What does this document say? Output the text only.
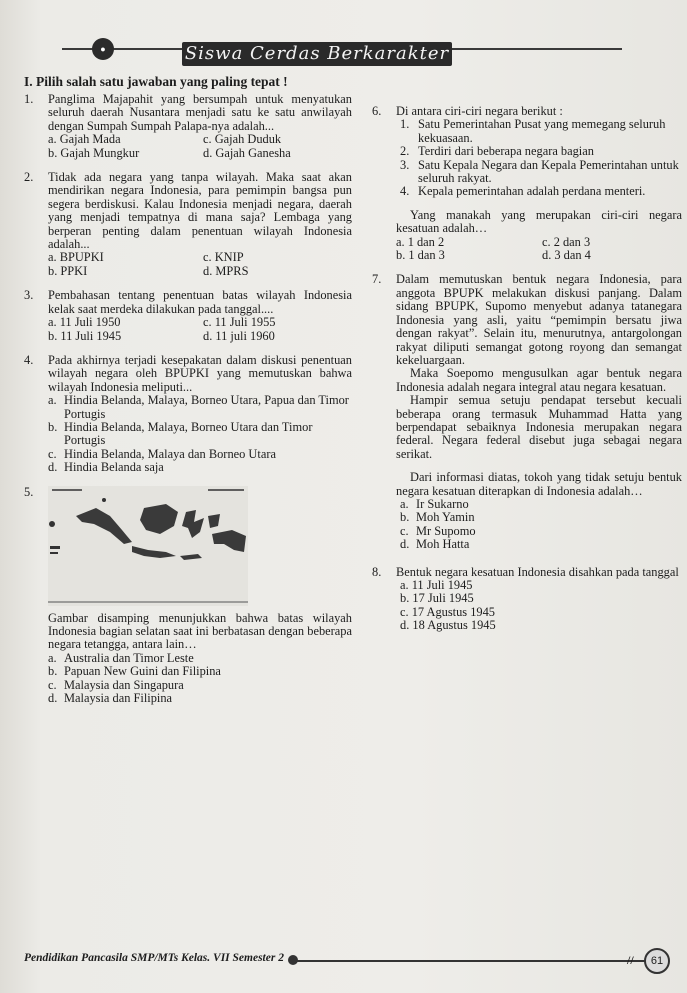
●	Siswa Cerdas Berkarakter
I. Pilih salah satu jawaban yang paling tepat !
1.	Panglima Majapahit yang bersumpah untuk menyatukan seluruh daerah Nusantara menjadi satu ke satu anwilayah dengan Sumpah Sumpah Palapa-nya adalah...
a. Gajah Mada	c. Gajah Duduk
b. Gajah Mungkur	d. Gajah Ganesha
2.	Tidak ada negara yang tanpa wilayah. Maka saat akan mendirikan negara Indonesia, para pemimpin bangsa pun segera berdiskusi. Kalau Indonesia menjadi negara, daerah yang menjadi tempatnya di mana saja? Lembaga yang berperan penting dalam penentuan wilayah Indonesia adalah...
a. BPUPKI	c. KNIP
b. PPKI	d. MPRS
3.	Pembahasan tentang penentuan batas wilayah Indonesia kelak saat merdeka dilakukan pada tanggal....
a. 11 Juli 1950	c. 11 Juli 1955
b. 11 Juli 1945	d. 11 juli 1960
4.	Pada akhirnya terjadi kesepakatan dalam diskusi penentuan wilayah negara oleh BPUPKI yang memutuskan bahwa wilayah Indonesia meliputi...
a. Hindia Belanda, Malaya, Borneo Utara, Papua dan Timor Portugis
b. Hindia Belanda, Malaya, Borneo Utara dan Timor Portugis
c. Hindia Belanda, Malaya dan Borneo Utara
d. Hindia Belanda saja
5.
Gambar disamping menunjukkan bahwa batas wilayah Indonesia bagian selatan saat ini berbatasan dengan beberapa negara tetangga, antara lain…
a. Australia dan Timor Leste
b. Papuan New Guini dan Filipina
c. Malaysia dan Singapura
d. Malaysia dan Filipina
6.	Di antara ciri-ciri negara berikut :
1. Satu Pemerintahan Pusat yang memegang seluruh kekuasaan.
2. Terdiri dari beberapa negara bagian
3. Satu Kepala Negara dan Kepala Pemerintahan untuk seluruh rakyat.
4. Kepala pemerintahan adalah perdana menteri.
Yang manakah yang merupakan ciri-ciri negara kesatuan adalah…
a. 1 dan 2	c. 2 dan 3
b. 1 dan 3	d. 3 dan 4
7.	Dalam memutuskan bentuk negara Indonesia, para anggota BPUPK melakukan diskusi panjang. Dalam sidang BPUPK, Supomo menyebut adanya tatanegara Indonesia yang asli, yaitu “pemimpin bersatu jiwa dengan rakyat”. Selain itu, menurutnya, antargolongan rakyat diliputi semangat gotong royong dan semangat kekeluargaan.
Maka Soepomo mengusulkan agar bentuk negara Indonesia adalah negara integral atau negara kesatuan.
Hampir semua setuju pendapat tersebut kecuali beberapa orang termasuk Muhammad Hatta yang berpendapat sebaiknya Indonesia merupakan negara federal. Negara federal disebut juga sebagai negara serikat.
Dari informasi diatas, tokoh yang tidak setuju bentuk negara kesatuan diterapkan di Indonesia adalah…
a. Ir Sukarno
b. Moh Yamin
c. Mr Supomo
d. Moh Hatta
8.	Bentuk negara kesatuan Indonesia disahkan pada tanggal
a. 11 Juli 1945
b. 17 Juli 1945
c. 17 Agustus 1945
d. 18 Agustus 1945
Pendidikan Pancasila SMP/MTs Kelas. VII Semester 2	//	61
